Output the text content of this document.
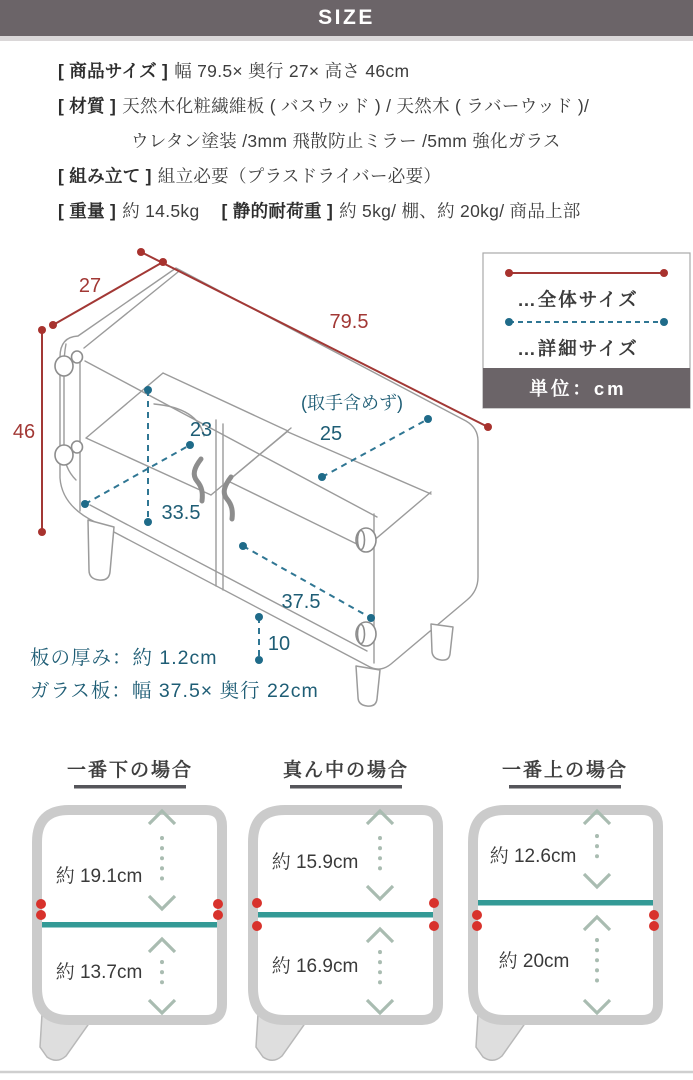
SIZE
[ 商品サイズ ] 幅 79.5× 奥行 27× 高さ 46cm
[ 材質 ] 天然木化粧繊維板 ( バスウッド ) / 天然木 ( ラバーウッド )/
ウレタン塗装 /3mm 飛散防止ミラー /5mm 強化ガラス
[ 組み立て ] 組立必要（プラスドライバー必要）
[ 重量 ] 約 14.5kg [ 静的耐荷重 ] 約 5kg/ 棚、約 20kg/ 商品上部
27
79.5
46	23
(取手含めず)
25
33.5
37.5
10
板の厚み：約 1.2cm
ガラス板：幅 37.5× 奥行 22cm
…全体サイズ
…詳細サイズ
単位：cm
一番下の場合
約 19.1cm
約 13.7cm
真ん中の場合
約 15.9cm
約 16.9cm
一番上の場合
約 12.6cm
約 20cm
